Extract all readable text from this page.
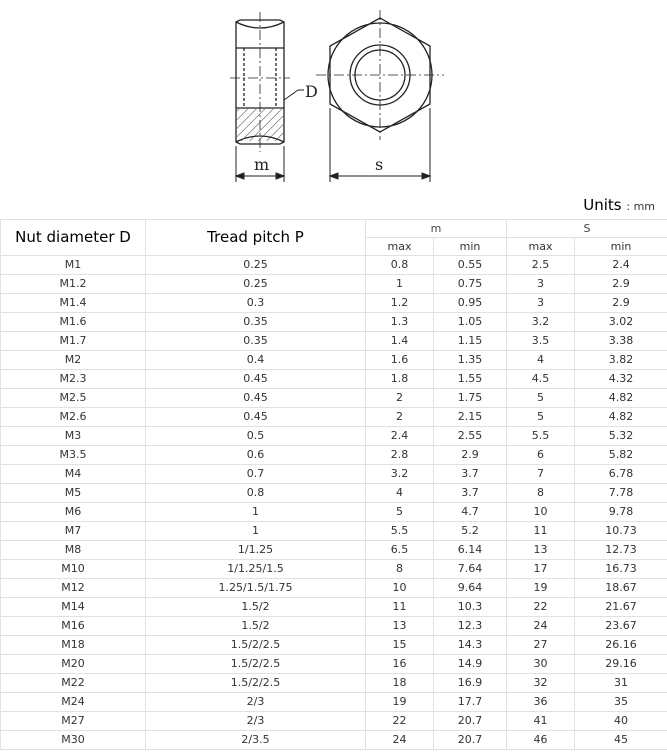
D
m	s
Units : mm
Nut diameter D	Tread pitch P	m		S	
		max	min	max	min
M1	0.25	0.8	0.55	2.5	2.4
M1.2	0.25	1	0.75	3	2.9
M1.4	0.3	1.2	0.95	3	2.9
M1.6	0.35	1.3	1.05	3.2	3.02
M1.7	0.35	1.4	1.15	3.5	3.38
M2	0.4	1.6	1.35	4	3.82
M2.3	0.45	1.8	1.55	4.5	4.32
M2.5	0.45	2	1.75	5	4.82
M2.6	0.45	2	2.15	5	4.82
M3	0.5	2.4	2.55	5.5	5.32
M3.5	0.6	2.8	2.9	6	5.82
M4	0.7	3.2	3.7	7	6.78
M5	0.8	4	3.7	8	7.78
M6	1	5	4.7	10	9.78
M7	1	5.5	5.2	11	10.73
M8	1/1.25	6.5	6.14	13	12.73
M10	1/1.25/1.5	8	7.64	17	16.73
M12	1.25/1.5/1.75	10	9.64	19	18.67
M14	1.5/2	11	10.3	22	21.67
M16	1.5/2	13	12.3	24	23.67
M18	1.5/2/2.5	15	14.3	27	26.16
M20	1.5/2/2.5	16	14.9	30	29.16
M22	1.5/2/2.5	18	16.9	32	31
M24	2/3	19	17.7	36	35
M27	2/3	22	20.7	41	40
M30	2/3.5	24	20.7	46	45
